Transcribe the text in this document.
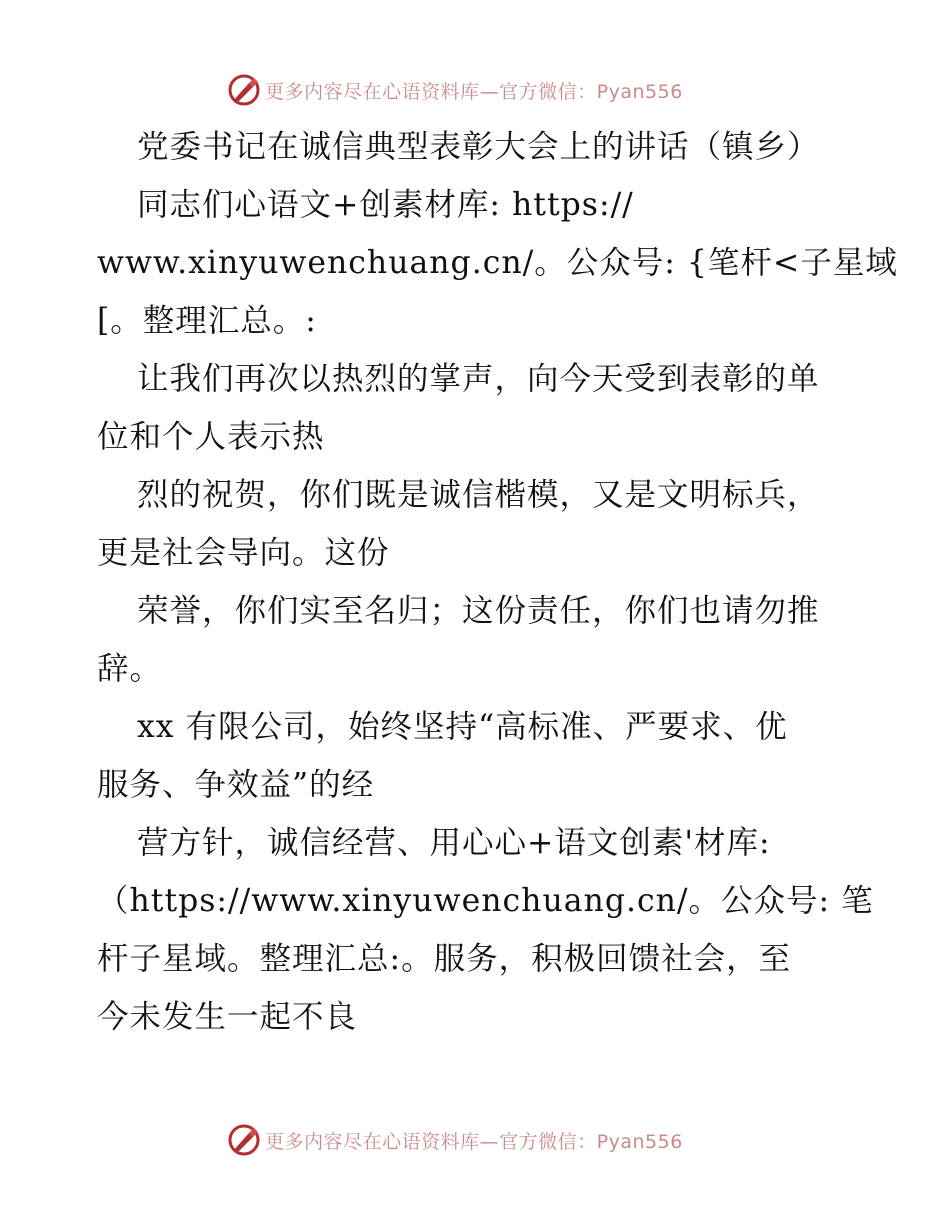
更多内容尽在心语资料库—官方微信：Pyan556
党委书记在诚信典型表彰大会上的讲话（镇乡）
同志们心语文+创素材库: https://
www.xinyuwenchuang.cn/。公众号: {笔杆<子星域
[。整理汇总。:
让我们再次以热烈的掌声，向今天受到表彰的单
位和个人表示热
烈的祝贺，你们既是诚信楷模，又是文明标兵，
更是社会导向。这份
荣誉，你们实至名归；这份责任，你们也请勿推
辞。
xx 有限公司，始终坚持“高标准、严要求、优
服务、争效益”的经
营方针，诚信经营、用心心+语文创素'材库:
（https://www.xinyuwenchuang.cn/。公众号: 笔
杆子星域。整理汇总:。服务，积极回馈社会，至
今未发生一起不良
更多内容尽在心语资料库—官方微信：Pyan556
